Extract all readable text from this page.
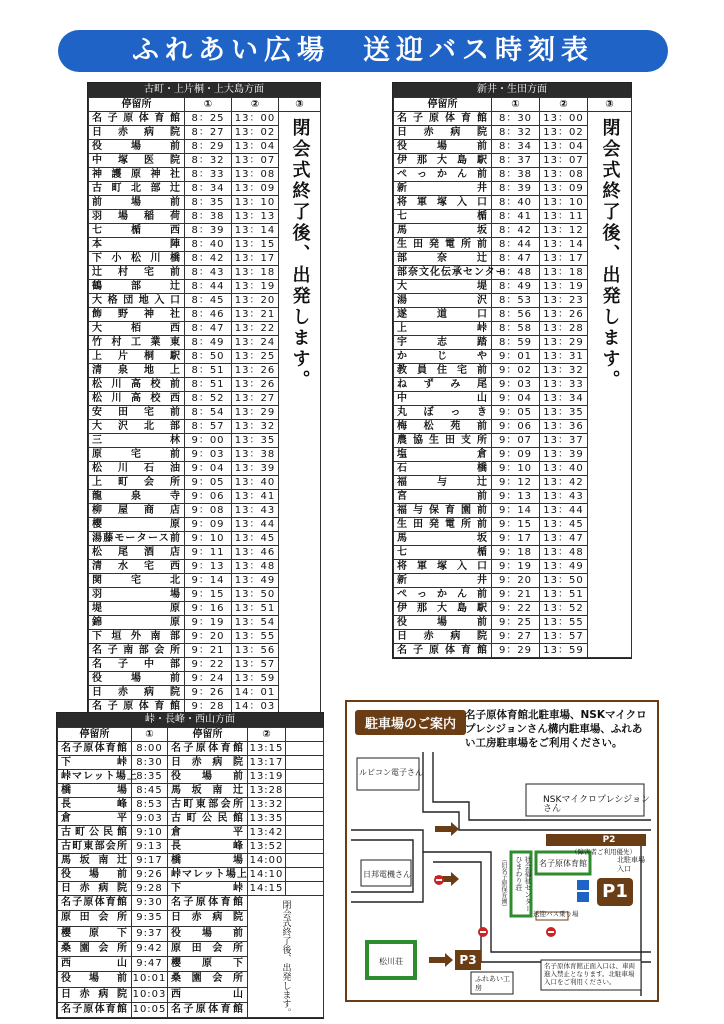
ふれあい広場　送迎バス時刻表
古町・上片桐・上大島方面
停留所	①	②	③
名子原体育館	8：25	13：00	閉会式終了後、出発します。

日赤病院	8：27	13：02	
役場前	8：29	13：04	
中塚医院	8：32	13：07	
神護原神社	8：33	13：08	
古町北部辻	8：34	13：09	
前場前	8：35	13：10	
羽場稲荷	8：38	13：13	
七楯西	8：39	13：14	
本陣	8：40	13：15	
下小松川橋	8：42	13：17	
辻村宅前	8：43	13：18	
鶴部辻	8：44	13：19	
大格団地入口	8：45	13：20	
飾野神社	8：46	13：21	
大栢西	8：47	13：22	
竹村工業東	8：49	13：24	
上片桐駅	8：50	13：25	
清泉地上	8：51	13：26	
松川高校前	8：51	13：26	
松川高校西	8：52	13：27	
安田宅前	8：54	13：29	
大沢北部	8：57	13：32	
三林	9：00	13：35	
原宅前	9：03	13：38	
松川石油	9：04	13：39	
上町会所	9：05	13：40	
龍泉寺	9：06	13：41	
柳屋商店	9：08	13：43	
櫻原	9：09	13：44	
湯藤モータース前	9：10	13：45	
松尾酒店	9：11	13：46	
清水宅西	9：13	13：48	
関宅北	9：14	13：49	
羽場	9：15	13：50	
堤原	9：16	13：51	
錦原	9：19	13：54	
下垣外南部	9：20	13：55	
名子南部会所	9：21	13：56	
名子中部	9：22	13：57	
役場前	9：24	13：59	
日赤病院	9：26	14：01	
名子原体育館	9：28	14：03	
新井・生田方面
停留所	①	②	③
名子原体育館	8：30	13：00	閉会式終了後、出発します。

日赤病院	8：32	13：02	
役場前	8：34	13：04	
伊那大島駅	8：37	13：07	
ぺっかん前	8：38	13：08	
新井	8：39	13：09	
将軍塚入口	8：40	13：10	
七楯	8：41	13：11	
馬坂	8：42	13：12	
生田発電所前	8：44	13：14	
部奈辻	8：47	13：17	
部奈文化伝承センター	8：48	13：18	
大堤	8：49	13：19	
湯沢	8：53	13：23	
遂道口	8：56	13：26	
上峠	8：58	13：28	
宇志踏	8：59	13：29	
かじや	9：01	13：31	
教員住宅前	9：02	13：32	
ねずみ尾	9：03	13：33	
中山	9：04	13：34	
丸ぼっき	9：05	13：35	
梅松苑前	9：06	13：36	
農協生田支所	9：07	13：37	
塩倉	9：09	13：39	
石橋	9：10	13：40	
福与辻	9：12	13：42	
宮前	9：13	13：43	
福与保育園前	9：14	13：44	
生田発電所前	9：15	13：45	
馬坂	9：17	13：47	
七楯	9：18	13：48	
将軍塚入口	9：19	13：49	
新井	9：20	13：50	
ぺっかん前	9：21	13：51	
伊那大島駅	9：22	13：52	
役場前	9：25	13：55	
日赤病院	9：27	13：57	
名子原体育館	9：29	13：59	
峠・長峰・西山方面
停留所	①	停留所	②	
名子原体育館	8:00	名子原体育館	13:15	
下峠	8:30	日赤病院	13:17	
峠マレット場上	8:35	役場前	13:19	
橋場	8:45	馬坂南辻	13:28	
長峰	8:53	古町東部会所	13:32	
倉平	9:03	古町公民館	13:35	
古町公民館	9:10	倉平	13:42	
古町東部会所	9:13	長峰	13:52	
馬坂南辻	9:17	橋場	14:00	
役場前	9:26	峠マレット場上	14:10	
日赤病院	9:28	下峠	14:15	
名子原体育館	9:30	名子原体育館	閉会式終了後、出発します。	

原田会所	9:35	日赤病院		
櫻原下	9:37	役場前		
桑園会所	9:42	原田会所		
西山	9:47	櫻原下		
役場前	10:01	桑園会所		
日赤病院	10:03	西山		
名子原体育館	10:05	名子原体育館		
駐車場のご案内
名子原体育館北駐車場、NSKマイクロプレシジョンさん構内駐車場、ふれあい工房駐車場をご利用ください。
ルビコン電子さん
NSKマイクロプレシジョンさん
P2
（障害者ご利用優先）
名子原体育館
P1
北駐車場入口
日邦電機さん	社会福祉センターひまわり荘
（旧名子原保育園）
送迎バス乗り場
松川荘	P3
ふれあい工房
名子原体育館正面入口は、車両進入禁止となります。北駐車場入口をご利用ください。
